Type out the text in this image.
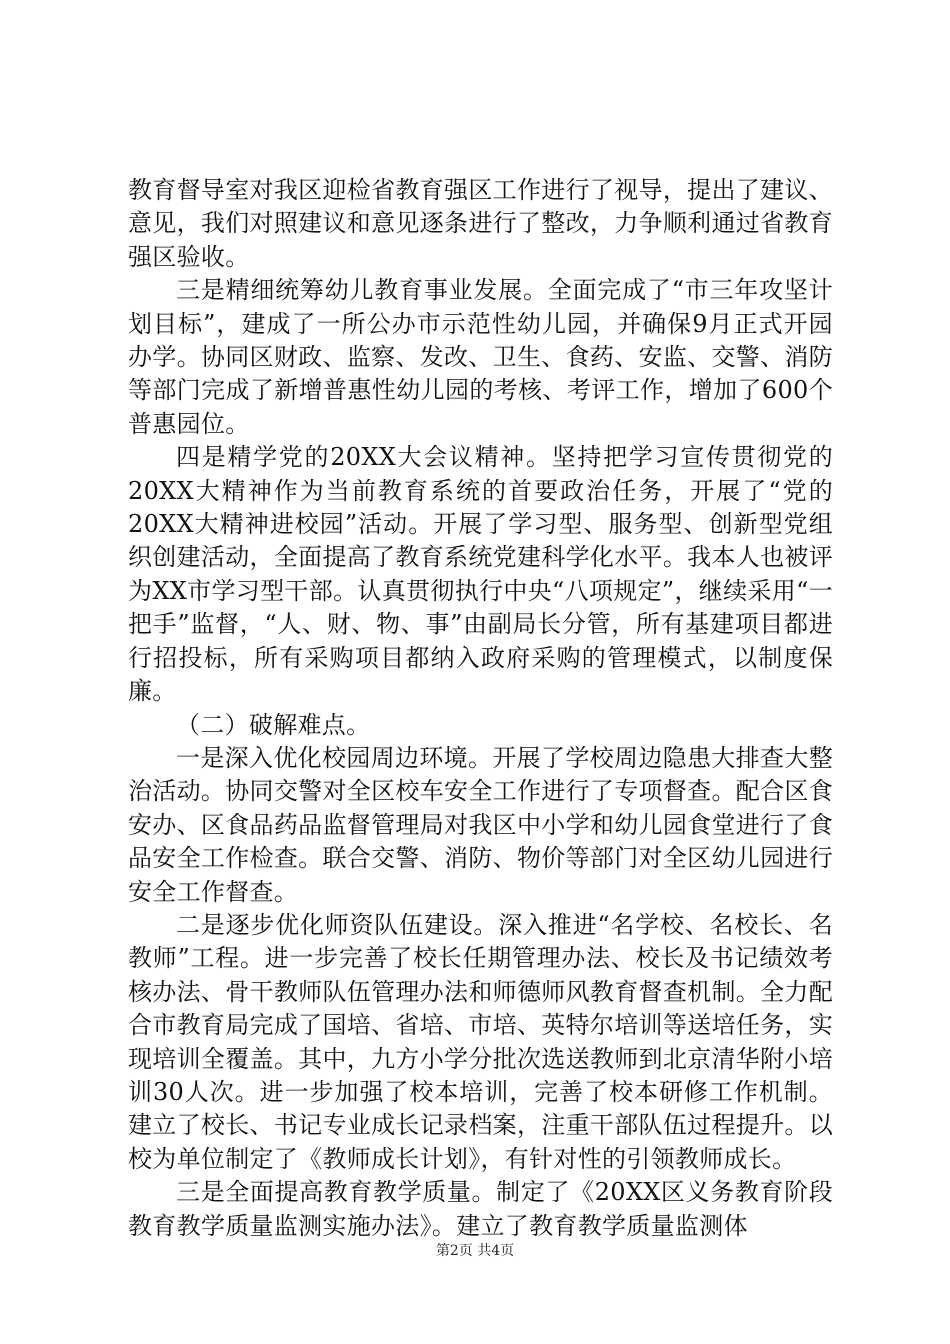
教育督导室对我区迎检省教育强区工作进行了视导，提出了建议、意见，我们对照建议和意见逐条进行了整改，力争顺利通过省教育强区验收。

三是精细统筹幼儿教育事业发展。全面完成了“市三年攻坚计划目标”，建成了一所公办市示范性幼儿园，并确保9月正式开园办学。协同区财政、监察、发改、卫生、食药、安监、交警、消防等部门完成了新增普惠性幼儿园的考核、考评工作，增加了600个普惠园位。

四是精学党的20XX大会议精神。坚持把学习宣传贯彻党的20XX大精神作为当前教育系统的首要政治任务，开展了“党的20XX大精神进校园”活动。开展了学习型、服务型、创新型党组织创建活动，全面提高了教育系统党建科学化水平。我本人也被评为XX市学习型干部。认真贯彻执行中央“八项规定”，继续采用“一把手”监督，“人、财、物、事”由副局长分管，所有基建项目都进行招投标，所有采购项目都纳入政府采购的管理模式，以制度保廉。

（二）破解难点。

一是深入优化校园周边环境。开展了学校周边隐患大排查大整治活动。协同交警对全区校车安全工作进行了专项督查。配合区食安办、区食品药品监督管理局对我区中小学和幼儿园食堂进行了食品安全工作检查。联合交警、消防、物价等部门对全区幼儿园进行安全工作督查。

二是逐步优化师资队伍建设。深入推进“名学校、名校长、名教师”工程。进一步完善了校长任期管理办法、校长及书记绩效考核办法、骨干教师队伍管理办法和师德师风教育督查机制。全力配合市教育局完成了国培、省培、市培、英特尔培训等送培任务，实现培训全覆盖。其中，九方小学分批次选送教师到北京清华附小培训30人次。进一步加强了校本培训，完善了校本研修工作机制。建立了校长、书记专业成长记录档案，注重干部队伍过程提升。以校为单位制定了《教师成长计划》，有针对性的引领教师成长。

三是全面提高教育教学质量。制定了《20XX区义务教育阶段教育教学质量监测实施办法》。建立了教育教学质量监测体

第2页 共4页
